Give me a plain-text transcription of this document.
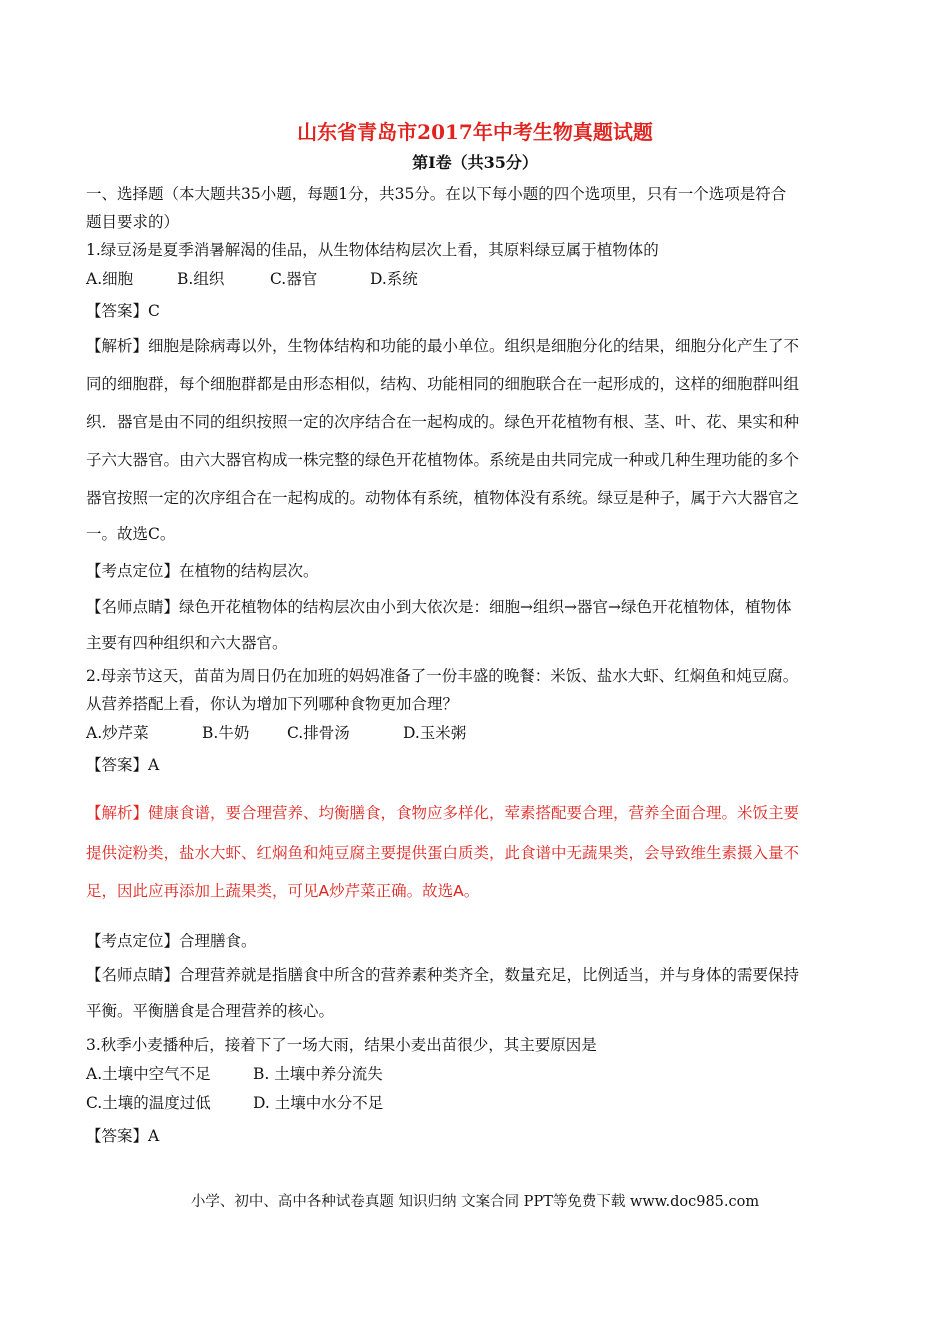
山东省青岛市2017年中考生物真题试题
第Ⅰ卷（共35分）
一、选择题（本大题共35小题，每题1分，共35分。在以下每小题的四个选项里，只有一个选项是符合
题目要求的）
1.绿豆汤是夏季消暑解渴的佳品，从生物体结构层次上看，其原料绿豆属于植物体的
A.细胞	B.组织	C.器官	D.系统
【答案】C
【解析】细胞是除病毒以外，生物体结构和功能的最小单位。组织是细胞分化的结果，细胞分化产生了不
同的细胞群，每个细胞群都是由形态相似，结构、功能相同的细胞联合在一起形成的，这样的细胞群叫组
织．器官是由不同的组织按照一定的次序结合在一起构成的。绿色开花植物有根、茎、叶、花、果实和种
子六大器官。由六大器官构成一株完整的绿色开花植物体。系统是由共同完成一种或几种生理功能的多个
器官按照一定的次序组合在一起构成的。动物体有系统，植物体没有系统。绿豆是种子，属于六大器官之
一。故选C。
【考点定位】在植物的结构层次。
【名师点睛】绿色开花植物体的结构层次由小到大依次是：细胞→组织→器官→绿色开花植物体，植物体
主要有四种组织和六大器官。
2.母亲节这天，苗苗为周日仍在加班的妈妈准备了一份丰盛的晚餐：米饭、盐水大虾、红焖鱼和炖豆腐。
从营养搭配上看，你认为增加下列哪种食物更加合理？
A.炒芹菜	B.牛奶 C.排骨汤	D.玉米粥
【答案】A
【解析】健康食谱，要合理营养、均衡膳食，食物应多样化，荤素搭配要合理，营养全面合理。米饭主要
提供淀粉类，盐水大虾、红焖鱼和炖豆腐主要提供蛋白质类，此食谱中无蔬果类，会导致维生素摄入量不
足，因此应再添加上蔬果类，可见A炒芹菜正确。故选A。
【考点定位】合理膳食。
【名师点睛】合理营养就是指膳食中所含的营养素种类齐全，数量充足，比例适当，并与身体的需要保持
平衡。平衡膳食是合理营养的核心。
3.秋季小麦播种后，接着下了一场大雨，结果小麦出苗很少，其主要原因是
A.土壤中空气不足	B. 土壤中养分流失
C.土壤的温度过低	D. 土壤中水分不足
【答案】A
小学、初中、高中各种试卷真题 知识归纳 文案合同 PPT等免费下载 www.doc985.com
